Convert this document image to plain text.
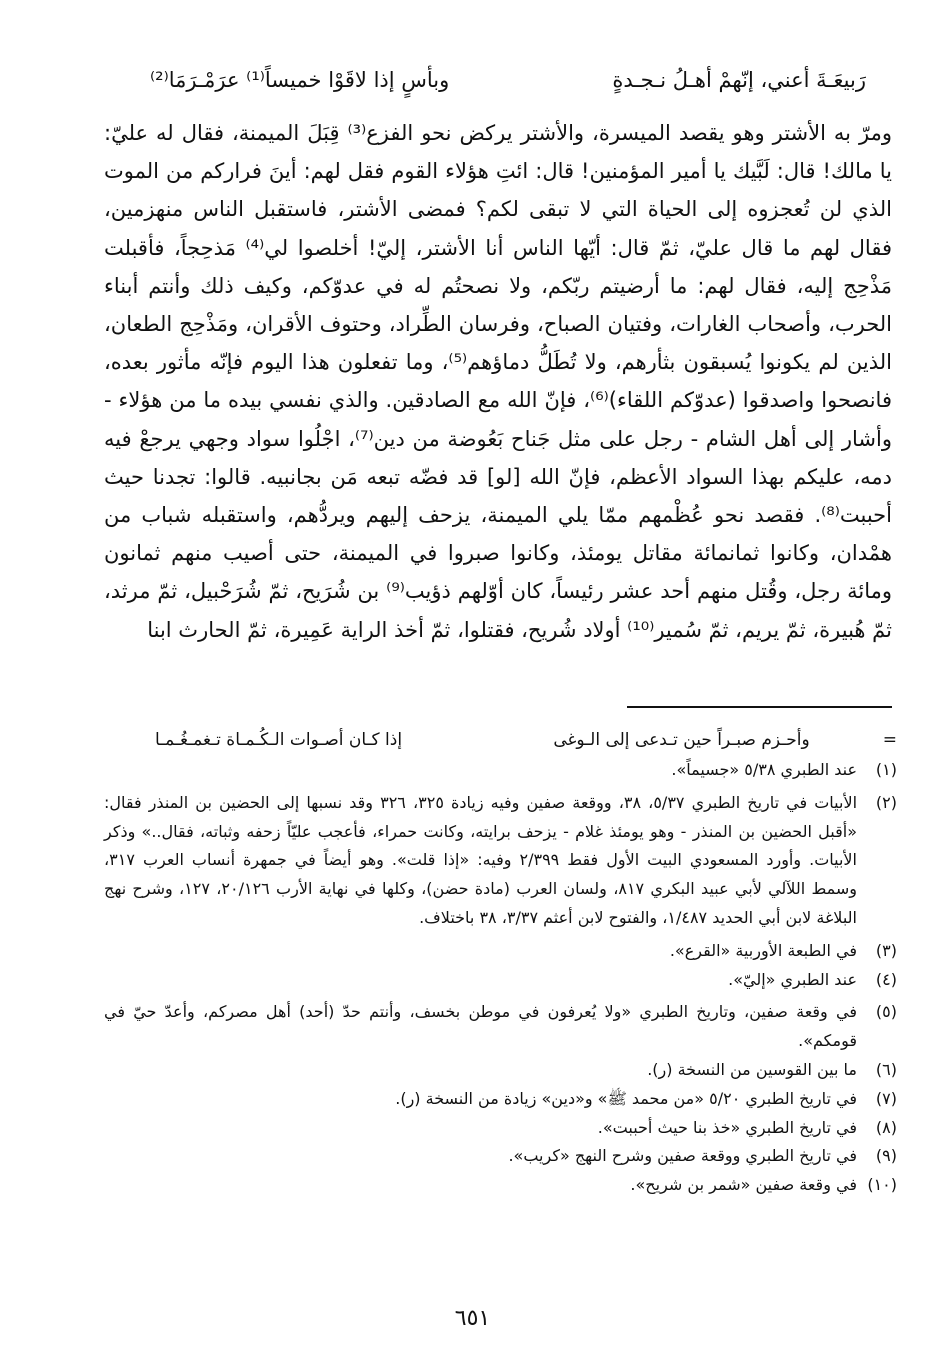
رَبيعَـةَ أعني، إنّهمْ أهـلُ نـجـدةٍ
وبأسٍ إذا لاقَوْا خميساً⁽¹⁾ عرَمْـرَمَا⁽²⁾

ومرّ به الأشتر وهو يقصد الميسرة، والأشتر يركض نحو الفزع⁽³⁾ قِبَلَ الميمنة، فقال له عليّ: يا مالك! قال: لَبَّيك يا أمير المؤمنين! قال: ائتِ هؤلاء القوم فقل لهم: أينَ فراركم من الموت الذي لن تُعجزوه إلى الحياة التي لا تبقى لكم؟ فمضى الأشتر، فاستقبل الناس منهزمين، فقال لهم ما قال عليّ، ثمّ قال: أيّها الناس أنا الأشتر، إليّ! أخلصوا لي⁽⁴⁾ مَذحِجاً، فأقبلت مَذْحِج إليه، فقال لهم: ما أرضيتم ربّكم، ولا نصحتُم له في عدوّكم، وكيف ذلك وأنتم أبناء الحرب، وأصحاب الغارات، وفتيان الصباح، وفرسان الطِّراد، وحتوف الأقران، ومَذْحِج الطعان، الذين لم يكونوا يُسبقون بثأرهم، ولا تُطَلُّ دماؤهم⁽⁵⁾، وما تفعلون هذا اليوم فإنّه مأثور بعده، فانصحوا واصدقوا (عدوّكم اللقاء)⁽⁶⁾، فإنّ الله مع الصادقين. والذي نفسي بيده ما من هؤلاء - وأشار إلى أهل الشام - رجل على مثل جَناح بَعُوضة من دين⁽⁷⁾، اجْلُوا سواد وجهي يرجعْ فيه دمه، عليكم بهذا السواد الأعظم، فإنّ الله [لو] قد فضّه تبعه مَن بجانبيه. قالوا: تجدنا حيث أحببت⁽⁸⁾. فقصد نحو عُظْمهم ممّا يلي الميمنة، يزحف إليهم ويردُّهم، واستقبله شباب من همْدان، وكانوا ثمانمائة مقاتل يومئذ، وكانوا صبروا في الميمنة، حتى أصيب منهم ثمانون ومائة رجل، وقُتل منهم أحد عشر رئيساً، كان أوّلهم ذؤيب⁽⁹⁾ بن شُرَيح، ثمّ شُرَحْبيل، ثمّ مرثد، ثمّ هُبيرة، ثمّ يريم، ثمّ سُمير⁽¹⁰⁾ أولاد شُريح، فقتلوا، ثمّ أخذ الراية عَمِيرة، ثمّ الحارث ابنا

=
وأحـزم صبـراً حين تـدعى إلى الـوغى
إذا كـان أصـوات الـكُـمـاة تـغمـغُـمـا
(١)
عند الطبري ٥/٣٨ «جسيماً».
(٢)
الأبيات في تاريخ الطبري ٥/٣٧، ٣٨، ووقعة صفين وفيه زيادة ٣٢٥، ٣٢٦ وقد نسبها إلى الحضين بن المنذر فقال: «أقبل الحضين بن المنذر - وهو يومئذ غلام - يزحف برايته، وكانت حمراء، فأعجب عليّاً زحفه وثباته، فقال..» وذكر الأبيات. وأورد المسعودي البيت الأول فقط ٢/٣٩٩ وفيه: «إذا قلت». وهو أيضاً في جمهرة أنساب العرب ٣١٧، وسمط اللآلي لأبي عبيد البكري ٨١٧، ولسان العرب (مادة حضن)، وكلها في نهاية الأرب ٢٠/١٢٦، ١٢٧، وشرح نهج البلاغة لابن أبي الحديد ١/٤٨٧، والفتوح لابن أعثم ٣/٣٧، ٣٨ باختلاف.
(٣)
في الطبعة الأوربية «القرع».
(٤)
عند الطبري «إليّ».
(٥)
في وقعة صفين، وتاريخ الطبري «ولا يُعرفون في موطن بخسف، وأنتم حدّ (أحد) أهل مصركم، وأعدّ حيّ في قومكم».
(٦)
ما بين القوسين من النسخة (ر).
(٧)
في تاريخ الطبري ٥/٢٠ «من محمد ﷺ» و«دين» زيادة من النسخة (ر).
(٨)
في تاريخ الطبري «خذ بنا حيث أحببت».
(٩)
في تاريخ الطبري ووقعة صفين وشرح النهج «كريب».
(١٠)
في وقعة صفين «شمر بن شريح».
٦٥١
